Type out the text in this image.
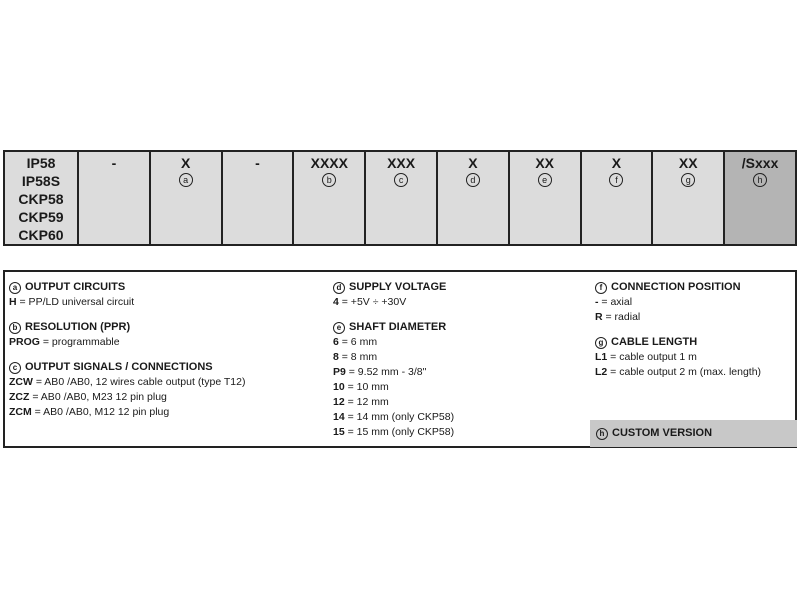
IP58
IP58S
CKP58
CKP59
CKP60
-	X
a
-	XXXX
b
XXX
c
X
d
XX
e
X
f
XX
g
/Sxxx
h
a OUTPUT CIRCUITS
H = PP/LD universal circuit
b RESOLUTION (PPR)
PROG = programmable
c OUTPUT SIGNALS / CONNECTIONS
ZCW = AB0 /AB0, 12 wires cable output (type T12)
ZCZ = AB0 /AB0, M23 12 pin plug
ZCM = AB0 /AB0, M12 12 pin plug
d SUPPLY VOLTAGE
4 = +5V ÷ +30V
e SHAFT DIAMETER
6 = 6 mm
8 = 8 mm
P9 = 9.52 mm - 3/8"
10 = 10 mm
12 = 12 mm
14 = 14 mm (only CKP58)
15 = 15 mm (only CKP58)
f CONNECTION POSITION
- = axial
R = radial
g CABLE LENGTH
L1 = cable output 1 m
L2 = cable output 2 m (max. length)
h CUSTOM VERSION
